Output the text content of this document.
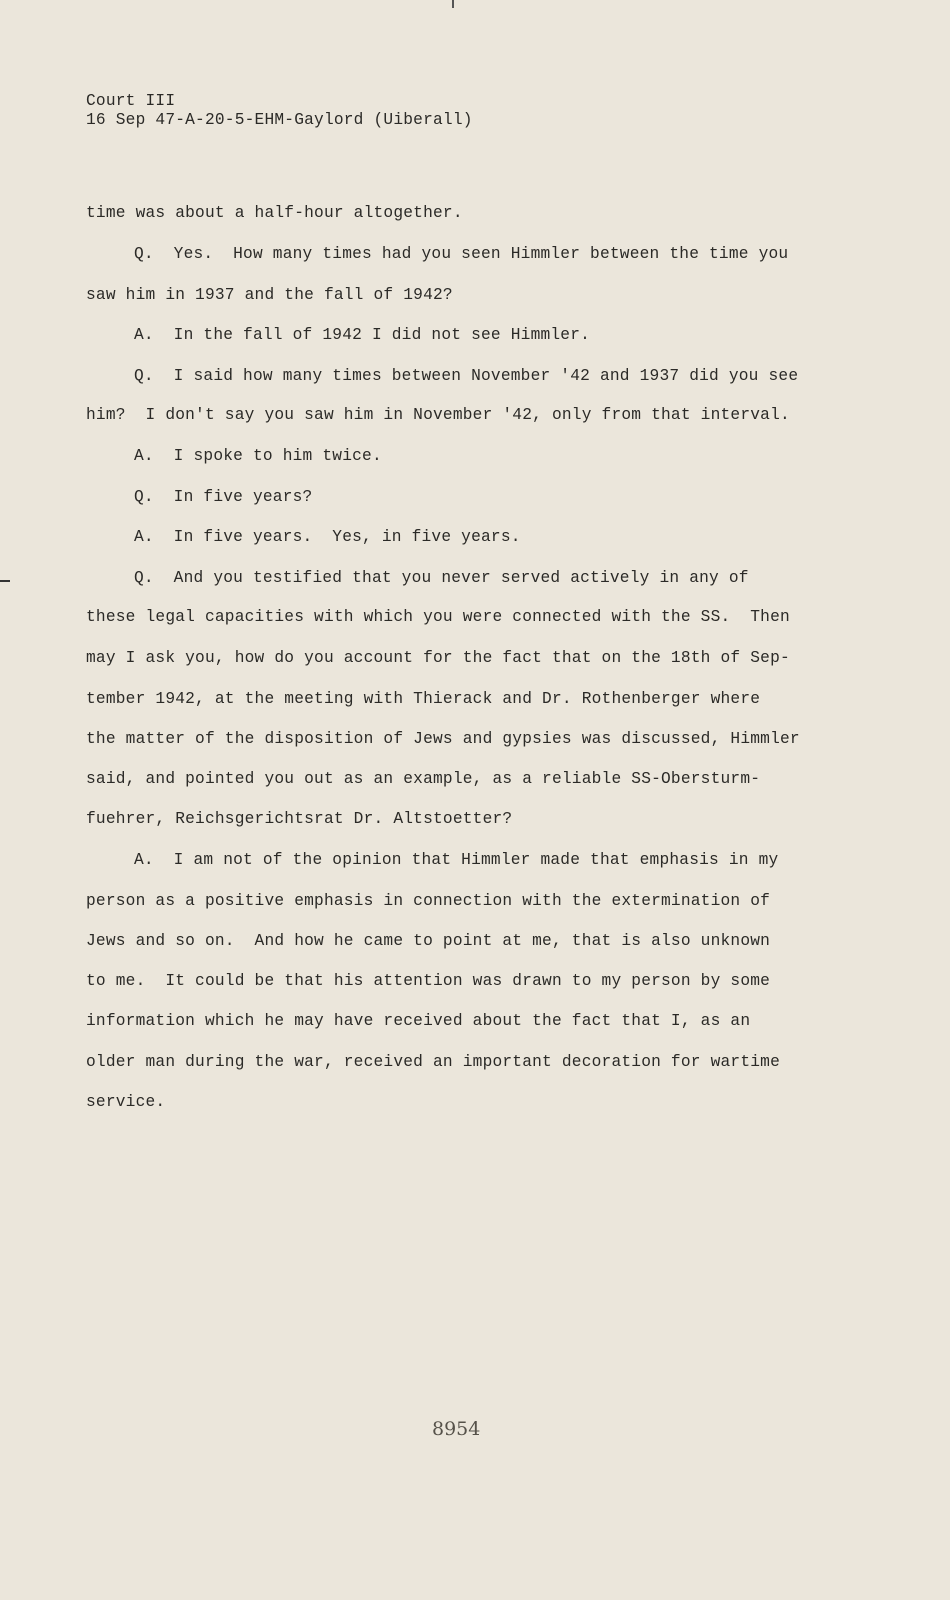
Court III
16 Sep 47-A-20-5-EHM-Gaylord (Uiberall)
time was about a half-hour altogether.
Q.  Yes.  How many times had you seen Himmler between the time you
saw him in 1937 and the fall of 1942?
A.  In the fall of 1942 I did not see Himmler.
Q.  I said how many times between November '42 and 1937 did you see
him?  I don't say you saw him in November '42, only from that interval.
A.  I spoke to him twice.
Q.  In five years?
A.  In five years.  Yes, in five years.
Q.  And you testified that you never served actively in any of
these legal capacities with which you were connected with the SS.  Then
may I ask you, how do you account for the fact that on the 18th of Sep-
tember 1942, at the meeting with Thierack and Dr. Rothenberger where
the matter of the disposition of Jews and gypsies was discussed, Himmler
said, and pointed you out as an example, as a reliable SS-Obersturm-
fuehrer, Reichsgerichtsrat Dr. Altstoetter?
A.  I am not of the opinion that Himmler made that emphasis in my
person as a positive emphasis in connection with the extermination of
Jews and so on.  And how he came to point at me, that is also unknown
to me.  It could be that his attention was drawn to my person by some
information which he may have received about the fact that I, as an
older man during the war, received an important decoration for wartime
service.
8954
